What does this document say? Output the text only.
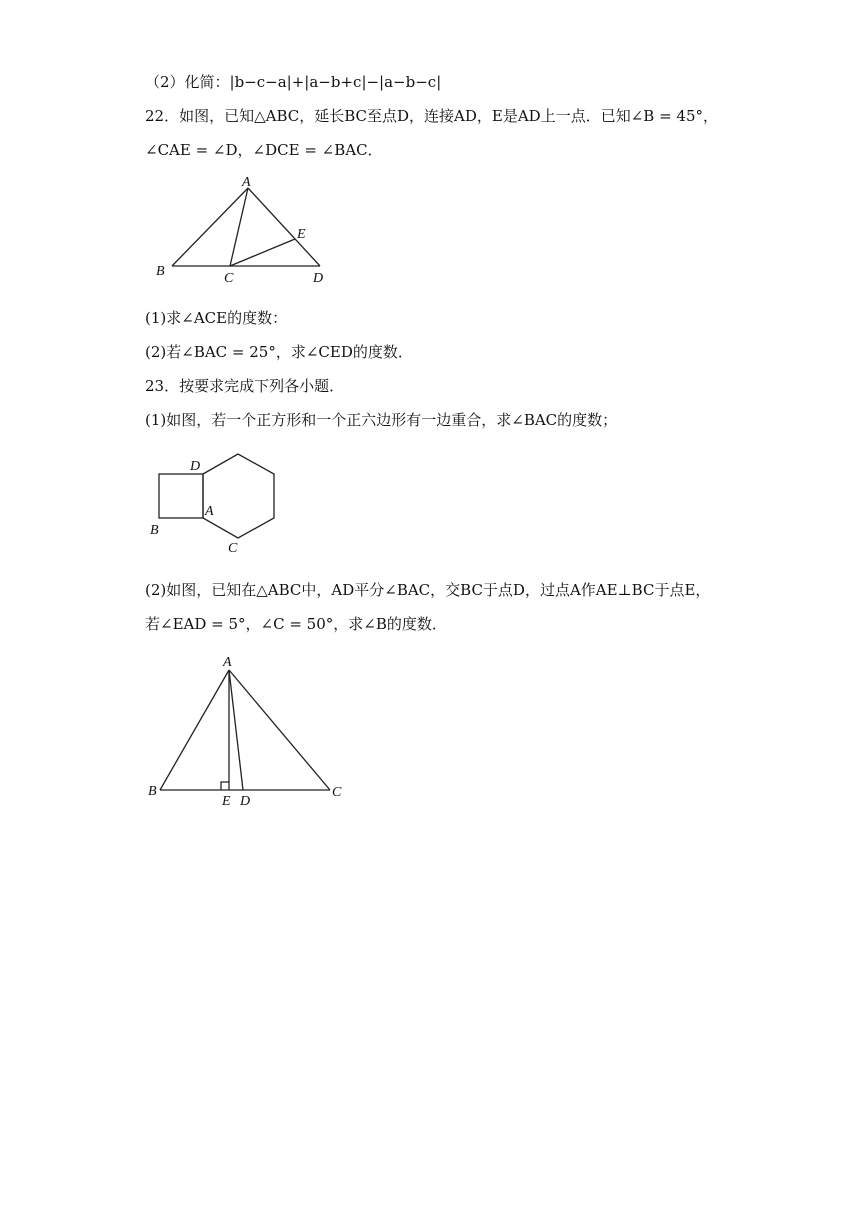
（2）化简：|b−c−a|+|a−b+c|−|a−b−c|
22．如图，已知△ABC，延长BC至点D，连接AD，E是AD上一点．已知∠B = 45°，
∠CAE = ∠D，∠DCE = ∠BAC．
A
B	C	D
E
(1)求∠ACE的度数：
(2)若∠BAC = 25°，求∠CED的度数．
23．按要求完成下列各小题．
(1)如图，若一个正方形和一个正六边形有一边重合，求∠BAC的度数；
D
A
B
C
(2)如图，已知在△ABC中，AD平分∠BAC，交BC于点D，过点A作AE⊥BC于点E，
若∠EAD = 5°，∠C = 50°，求∠B的度数．
A
B
E D
C
